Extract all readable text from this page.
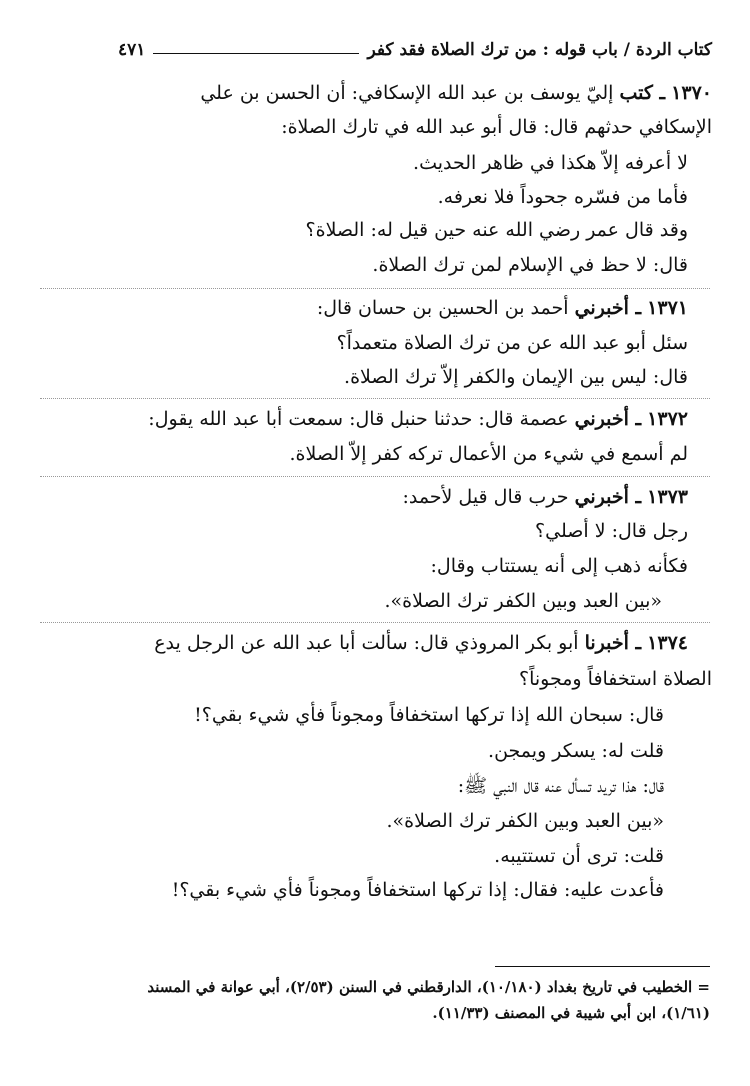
كتاب الردة / باب قوله : من ترك الصلاة فقد كفر
٤٧١
١٣٧٠ ـ كتب إليّ يوسف بن عبد الله الإسكافي: أن الحسن بن علي
الإسكافي حدثهم قال: قال أبو عبد الله في تارك الصلاة:
لا أعرفه إلاّ هكذا في ظاهر الحديث.
فأما من فسّره جحوداً فلا نعرفه.
وقد قال عمر رضي الله عنه حين قيل له: الصلاة؟
قال: لا حظ في الإسلام لمن ترك الصلاة.
١٣٧١ ـ أخبرني أحمد بن الحسين بن حسان قال:
سئل أبو عبد الله عن من ترك الصلاة متعمداً؟
قال: ليس بين الإيمان والكفر إلاّ ترك الصلاة.
١٣٧٢ ـ أخبرني عصمة قال: حدثنا حنبل قال: سمعت أبا عبد الله يقول:
لم أسمع في شيء من الأعمال تركه كفر إلاّ الصلاة.
١٣٧٣ ـ أخبرني حرب قال قيل لأحمد:
رجل قال: لا أصلي؟
فكأنه ذهب إلى أنه يستتاب وقال:
«بين العبد وبين الكفر ترك الصلاة».
١٣٧٤ ـ أخبرنا أبو بكر المروذي قال: سألت أبا عبد الله عن الرجل يدع
الصلاة استخفافاً ومجوناً؟
قال: سبحان الله إذا تركها استخفافاً ومجوناً فأي شيء بقي؟!
قلت له: يسكر ويمجن.
قال: هذا تريد تسأل عنه قال النبي ﷺ:
«بين العبد وبين الكفر ترك الصلاة».
قلت: ترى أن تستتيبه.
فأعدت عليه: فقال: إذا تركها استخفافاً ومجوناً فأي شيء بقي؟!
= الخطيب في تاريخ بغداد (١٠/١٨٠)، الدارقطني في السنن (٢/٥٣)، أبي عوانة في المسند
(١/٦١)، ابن أبي شيبة في المصنف (١١/٣٣).
